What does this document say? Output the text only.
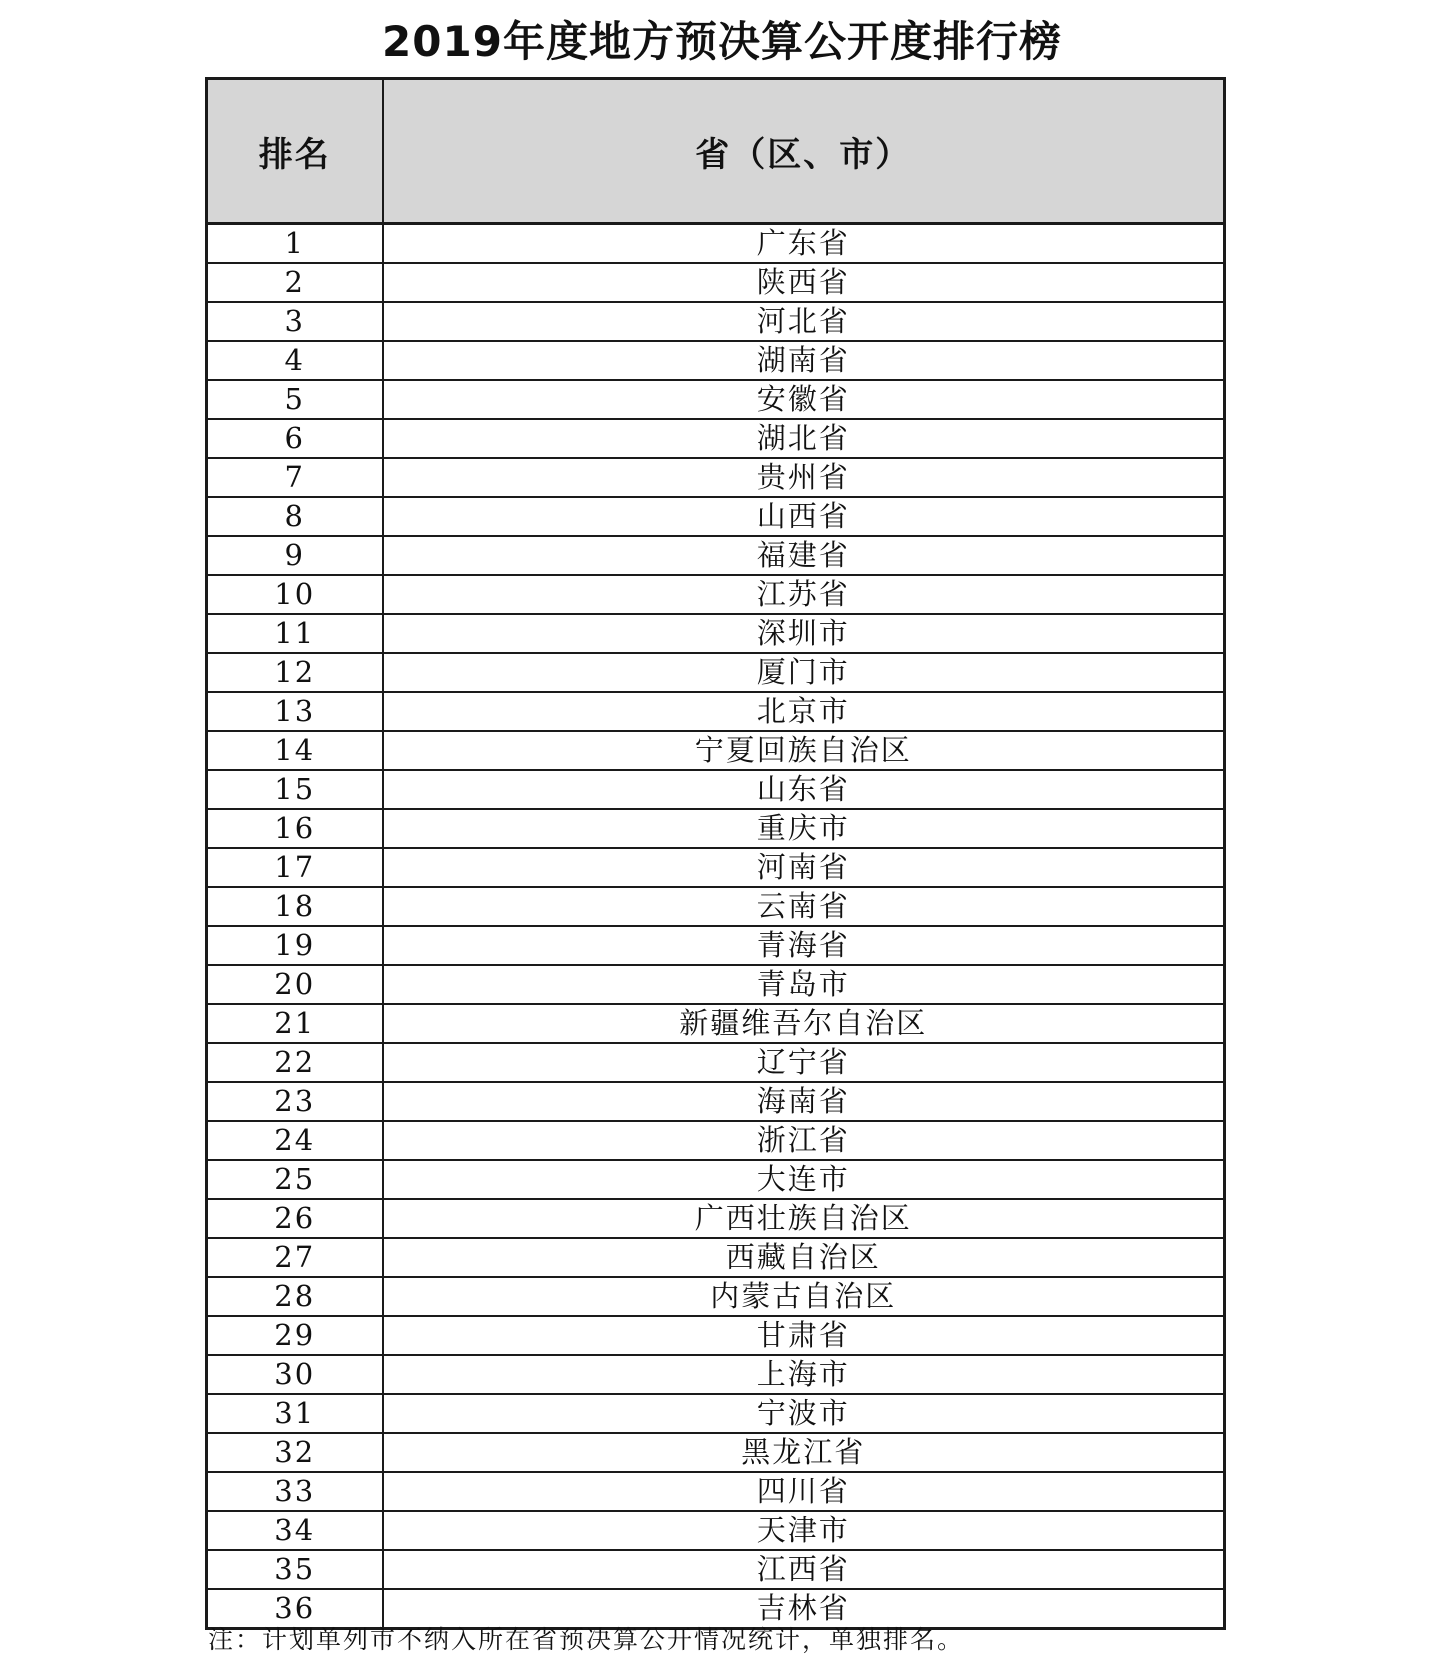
2019年度地方预决算公开度排行榜
排名	省（区、市）
1	广东省
2	陕西省
3	河北省
4	湖南省
5	安徽省
6	湖北省
7	贵州省
8	山西省
9	福建省
10	江苏省
11	深圳市
12	厦门市
13	北京市
14	宁夏回族自治区
15	山东省
16	重庆市
17	河南省
18	云南省
19	青海省
20	青岛市
21	新疆维吾尔自治区
22	辽宁省
23	海南省
24	浙江省
25	大连市
26	广西壮族自治区
27	西藏自治区
28	内蒙古自治区
29	甘肃省
30	上海市
31	宁波市
32	黑龙江省
33	四川省
34	天津市
35	江西省
36	吉林省
注：计划单列市不纳入所在省预决算公开情况统计，单独排名。
